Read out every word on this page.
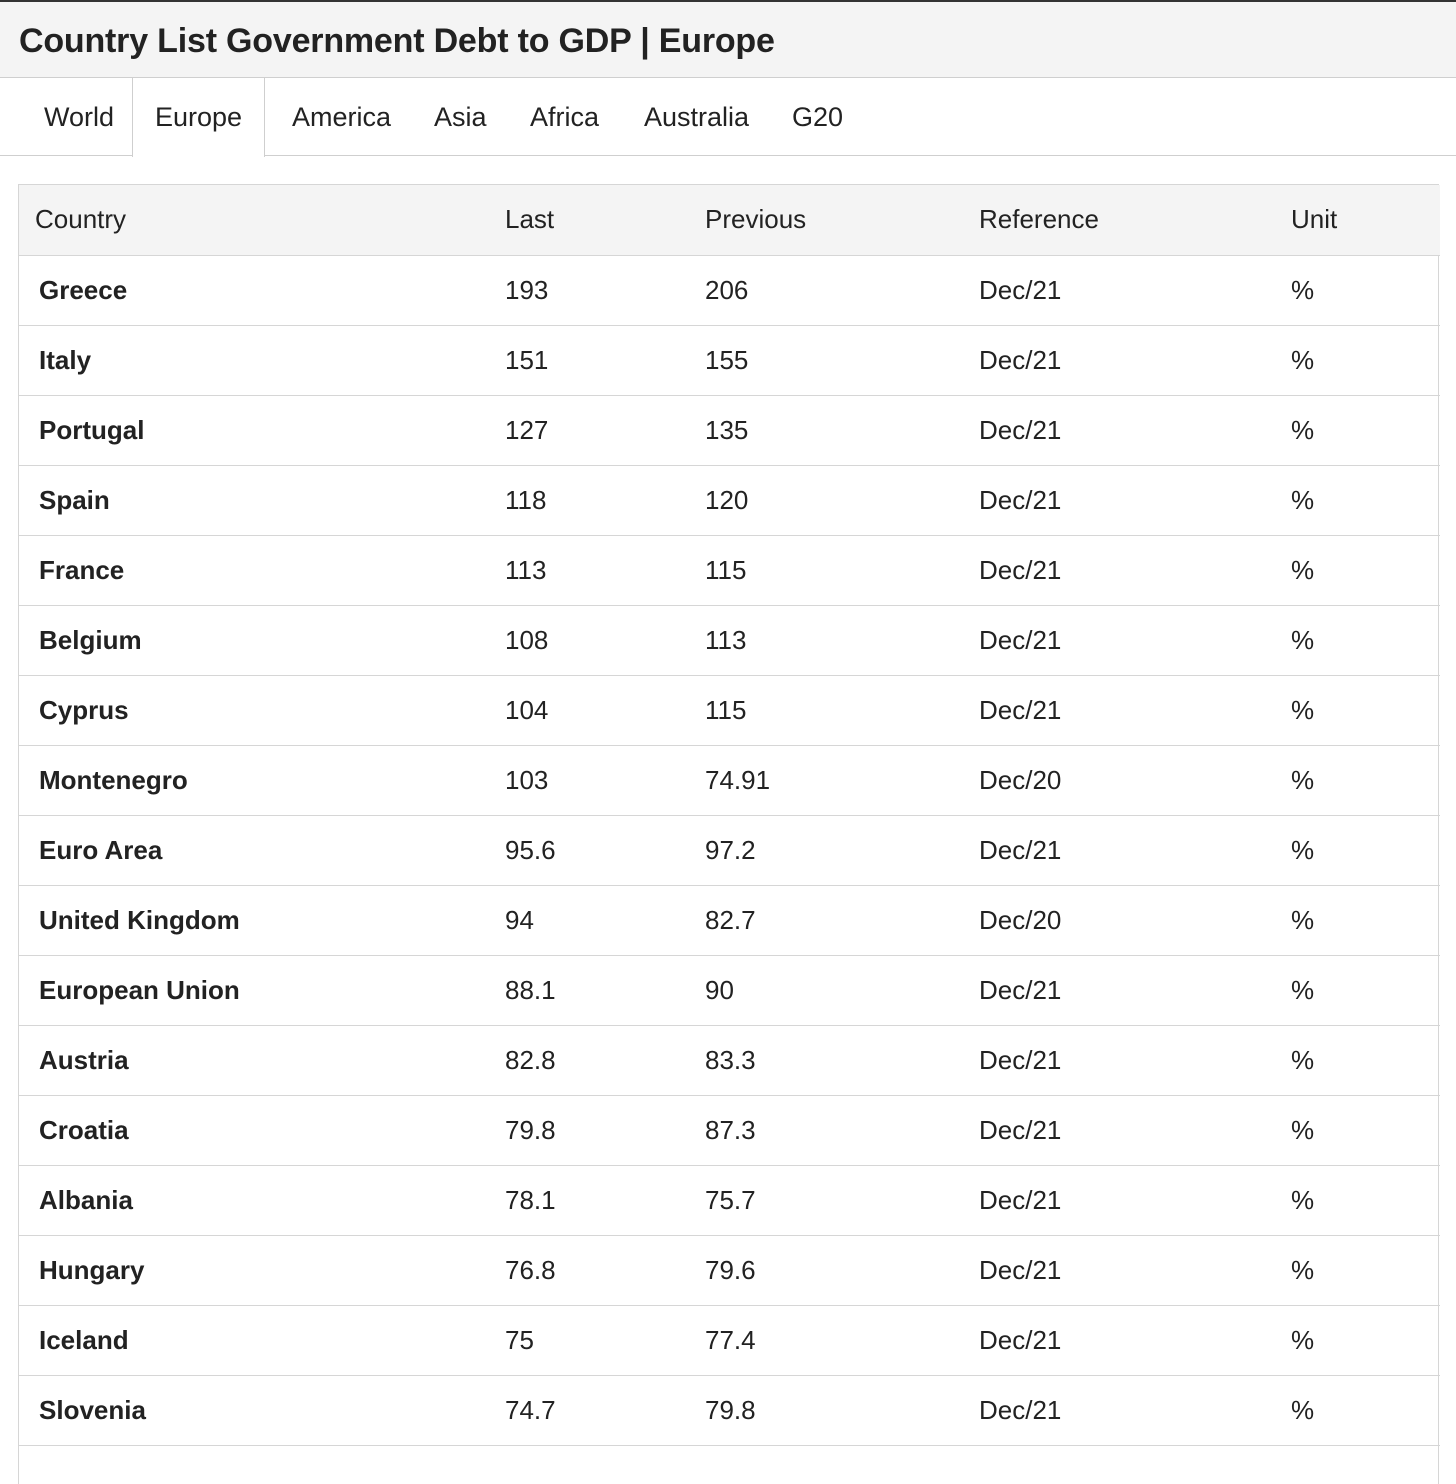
Country List Government Debt to GDP | Europe
World	Europe	America Asia Africa Australia G20
Country	Last	Previous	Reference	Unit
Greece	193	206	Dec/21	%
Italy	151	155	Dec/21	%
Portugal	127	135	Dec/21	%
Spain	118	120	Dec/21	%
France	113	115	Dec/21	%
Belgium	108	113	Dec/21	%
Cyprus	104	115	Dec/21	%
Montenegro	103	74.91	Dec/20	%
Euro Area	95.6	97.2	Dec/21	%
United Kingdom	94	82.7	Dec/20	%
European Union	88.1	90	Dec/21	%
Austria	82.8	83.3	Dec/21	%
Croatia	79.8	87.3	Dec/21	%
Albania	78.1	75.7	Dec/21	%
Hungary	76.8	79.6	Dec/21	%
Iceland	75	77.4	Dec/21	%
Slovenia	74.7	79.8	Dec/21	%
